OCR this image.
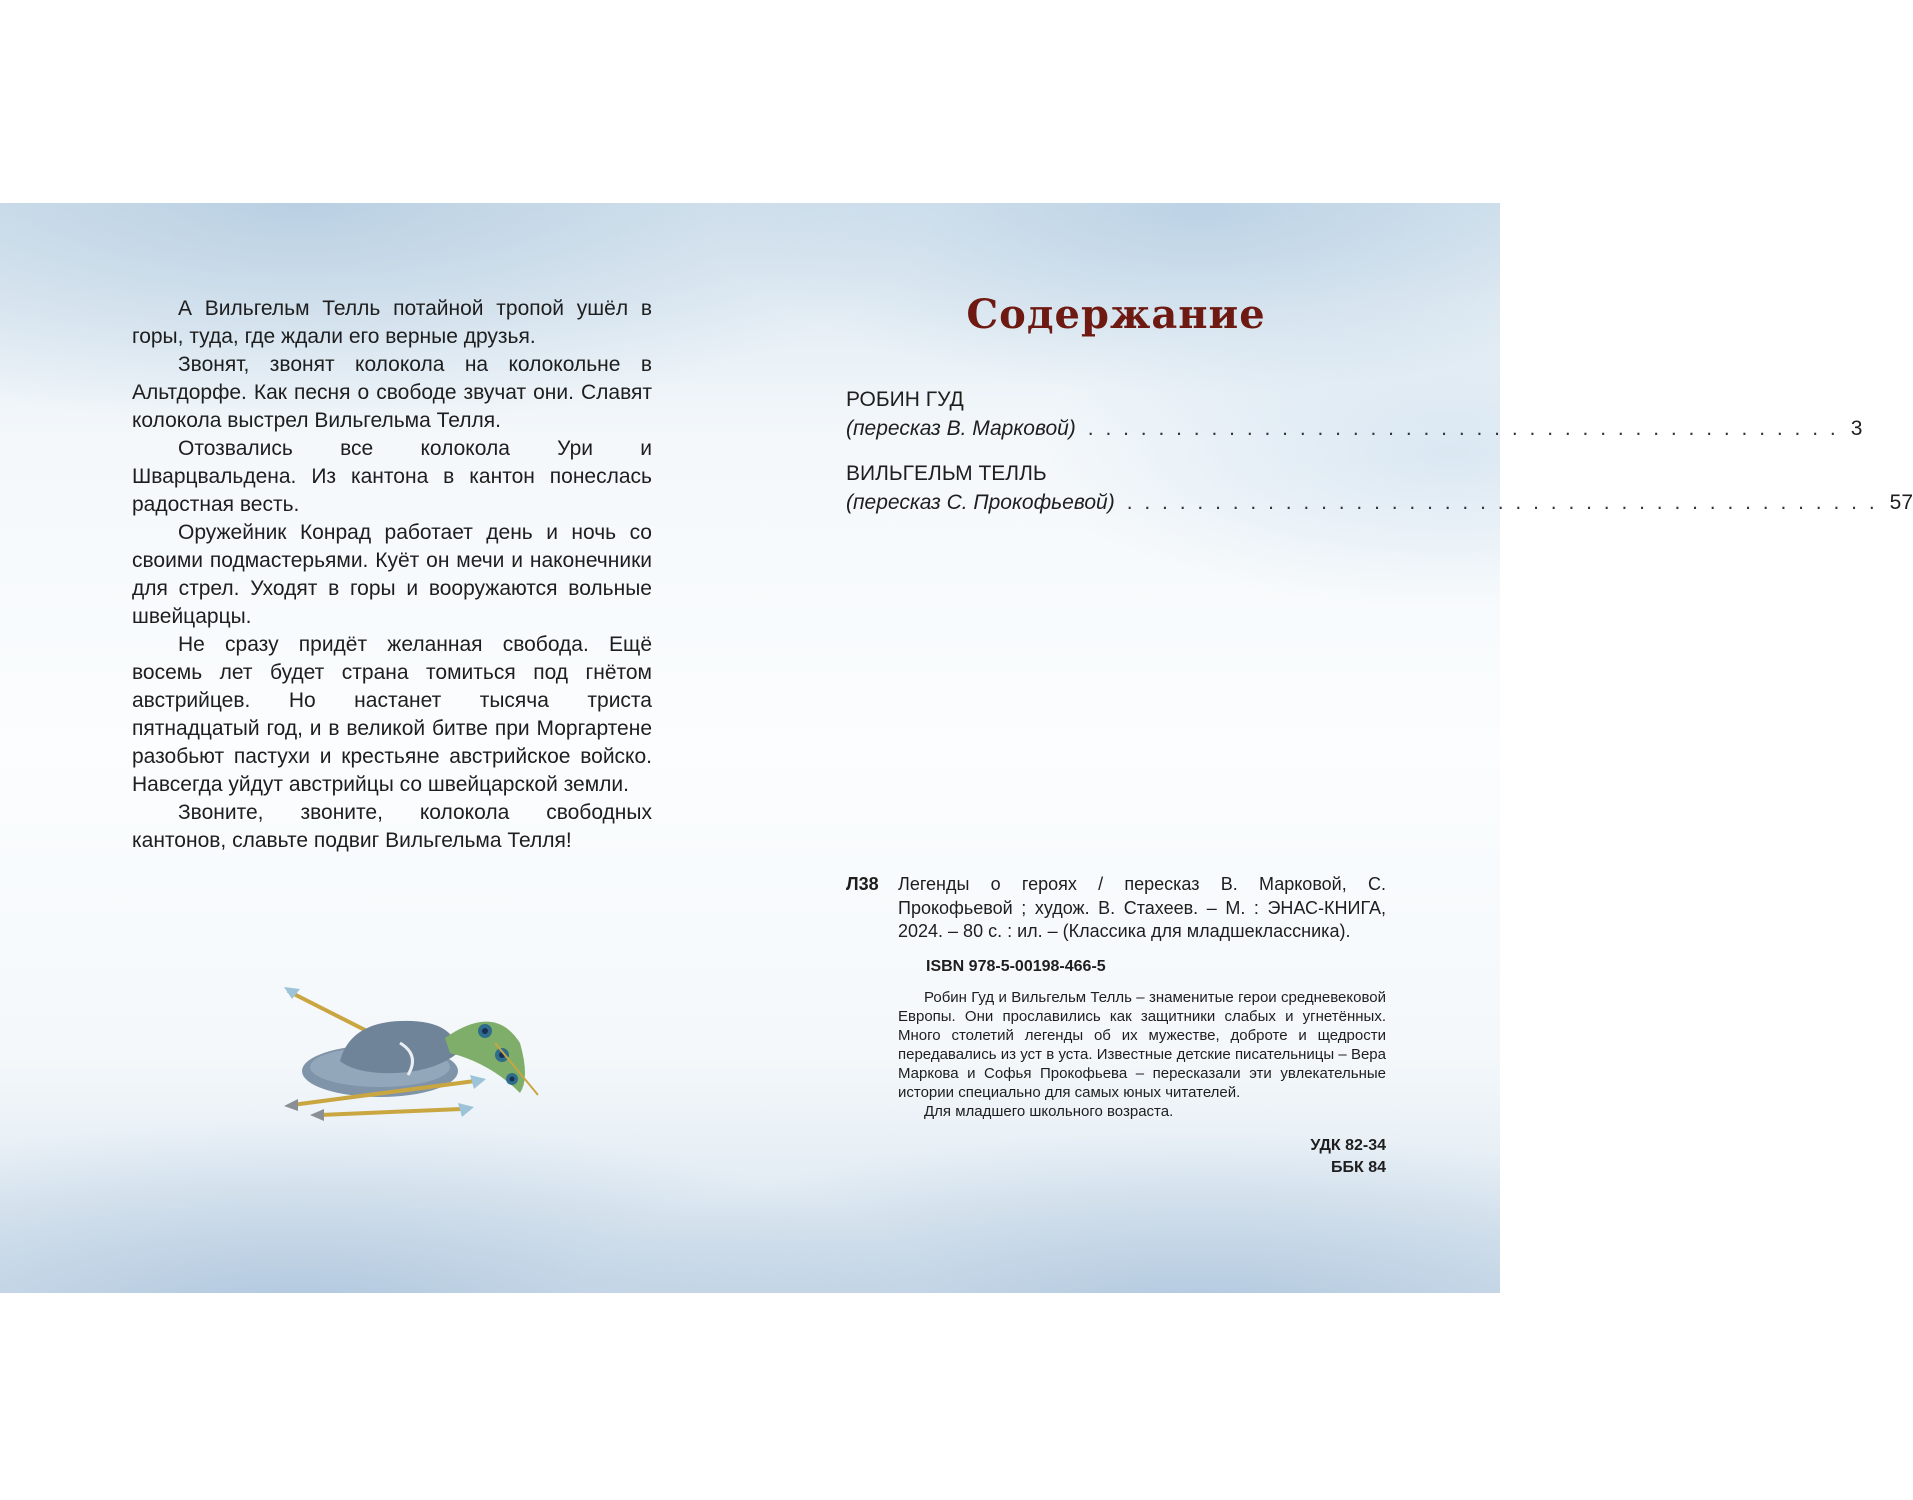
А Вильгельм Телль потайной тропой ушёл в горы, туда, где ждали его верные друзья.

Звонят, звонят колокола на колокольне в Альтдорфе. Как песня о свободе звучат они. Славят колокола выстрел Вильгельма Телля.

Отозвались все колокола Ури и Шварцвальдена. Из кантона в кантон понеслась радостная весть.

Оружейник Конрад работает день и ночь со своими подмастерьями. Куёт он мечи и наконечники для стрел. Уходят в горы и вооружаются вольные швейцарцы.

Не сразу придёт желанная свобода. Ещё восемь лет будет страна томиться под гнётом австрийцев. Но настанет тысяча триста пятнадцатый год, и в великой битве при Моргартене разобьют пастухи и крестьяне австрийское войско. Навсегда уйдут австрийцы со швейцарской земли.

Звоните, звоните, колокола свободных кантонов, славьте подвиг Вильгельма Телля!

Содержание
РОБИН ГУД
(пересказ В. Марковой) . . . . . . . . . . . . . . . . . . . . . . . . . . . . . . . . . . . . . . . . . . . 3
ВИЛЬГЕЛЬМ ТЕЛЛЬ
(пересказ С. Прокофьевой) . . . . . . . . . . . . . . . . . . . . . . . . . . . . . . . . . . . . . . . . . . . 57
Л38	Легенды о героях / пересказ В. Марковой, С. Прокофьевой ; худож. В. Стахеев. – М. : ЭНАС-КНИГА, 2024. – 80 с. : ил. – (Классика для младшеклассника).
ISBN 978-5-00198-466-5

Робин Гуд и Вильгельм Телль – знаменитые герои средневековой Европы. Они прославились как защитники слабых и угнетённых. Много столетий легенды об их мужестве, доброте и щедрости передавались из уст в уста. Известные детские писательницы – Вера Маркова и Софья Прокофьева – пересказали эти увлекательные истории специально для самых юных читателей.

Для младшего школьного возраста.

УДК 82-34
ББК 84
